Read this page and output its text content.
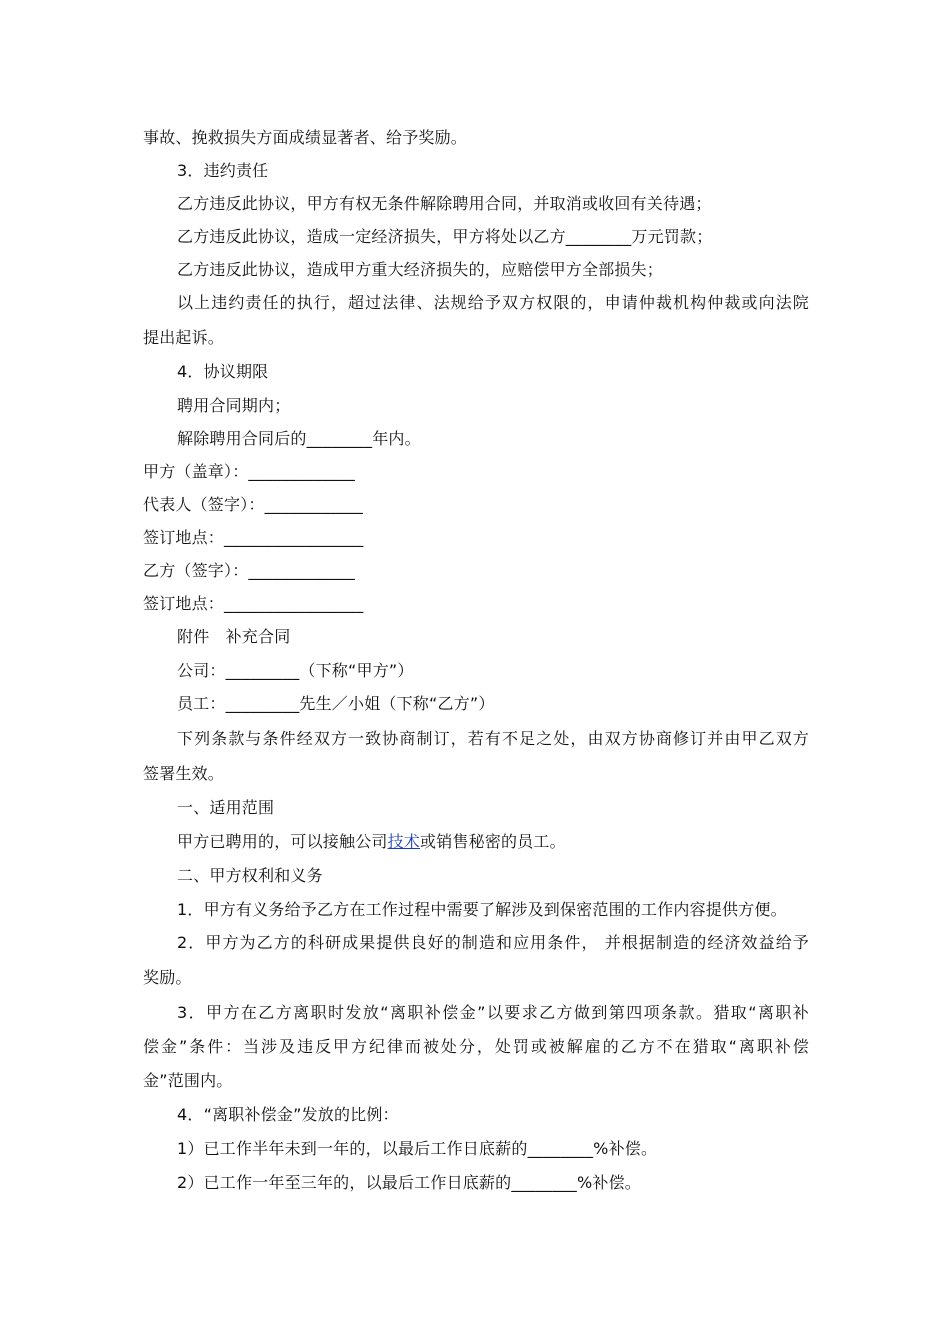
事故、挽救损失方面成绩显著者、给予奖励。
3．违约责任
乙方违反此协议，甲方有权无条件解除聘用合同，并取消或收回有关待遇；
乙方违反此协议，造成一定经济损失，甲方将处以乙方________万元罚款；
乙方违反此协议，造成甲方重大经济损失的，应赔偿甲方全部损失；
以上违约责任的执行，超过法律、法规给予双方权限的，申请仲裁机构仲裁或向法院
提出起诉。
4．协议期限
聘用合同期内；
解除聘用合同后的________年内。
甲方（盖章）：_____________
代表人（签字）：____________
签订地点：_________________
乙方（签字）：_____________
签订地点：_________________
附件　补充合同
公司：_________（下称“甲方”）
员工：_________先生／小姐（下称“乙方”）
下列条款与条件经双方一致协商制订，若有不足之处，由双方协商修订并由甲乙双方
签署生效。
一、适用范围
甲方已聘用的，可以接触公司技术或销售秘密的员工。
二、甲方权利和义务
1．甲方有义务给予乙方在工作过程中需要了解涉及到保密范围的工作内容提供方便。
2．甲方为乙方的科研成果提供良好的制造和应用条件， 并根据制造的经济效益给予
奖励。
3．甲方在乙方离职时发放“离职补偿金”以要求乙方做到第四项条款。猎取“离职补
偿金”条件：当涉及违反甲方纪律而被处分，处罚或被解雇的乙方不在猎取“离职补偿
金”范围内。
4．“离职补偿金”发放的比例：
1）已工作半年未到一年的，以最后工作日底薪的________%补偿。
2）已工作一年至三年的，以最后工作日底薪的________%补偿。
